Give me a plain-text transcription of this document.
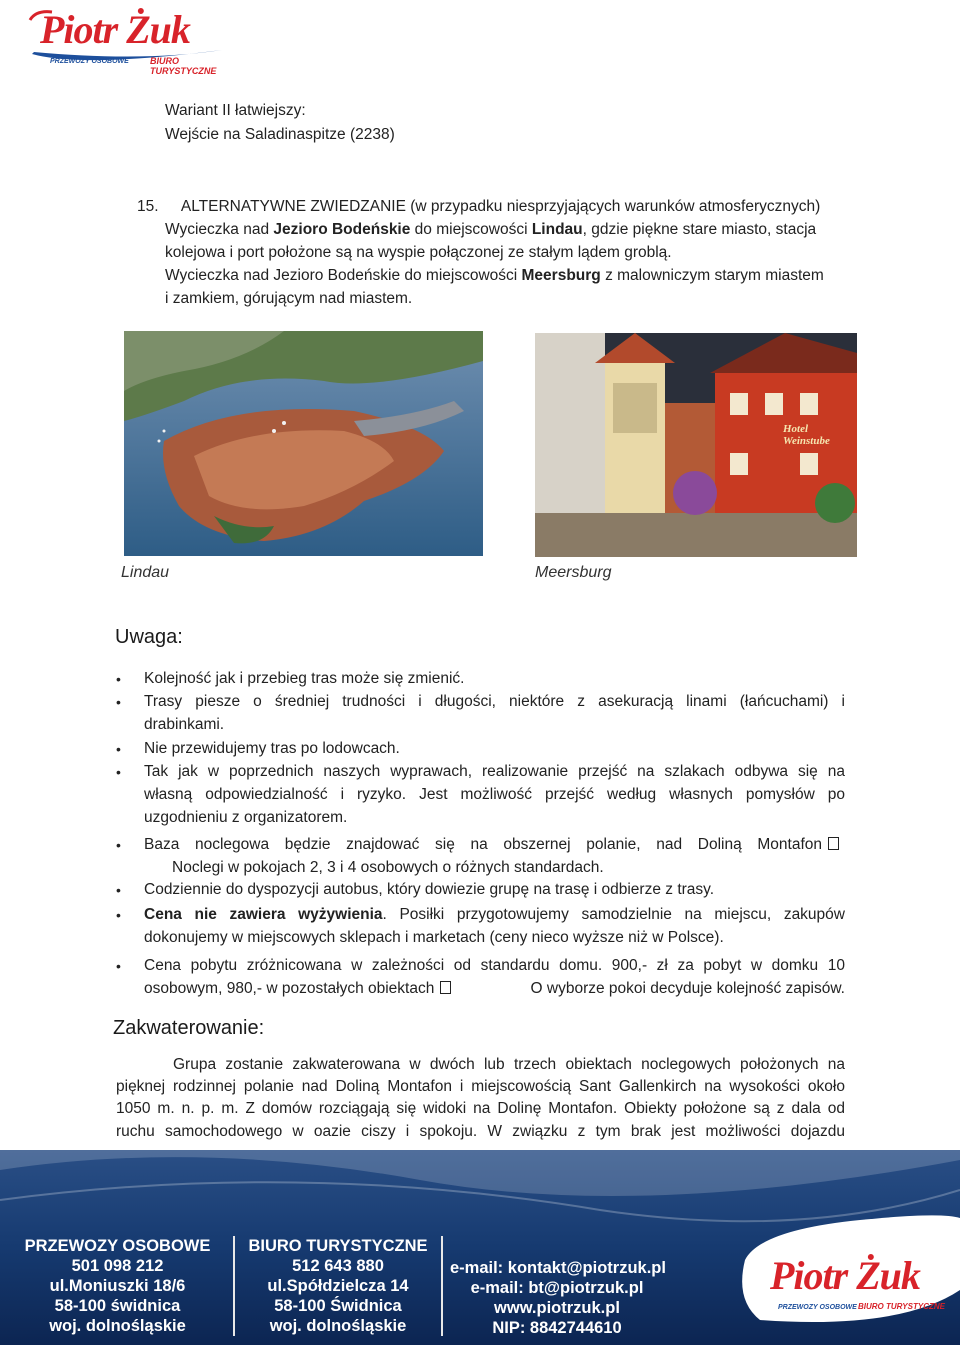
Piotr Żuk
PRZEWOZY OSOBOWE BIURO TURYSTYCZNE
Wariant II łatwiejszy:
Wejście na Saladinaspitze (2238)
15. ALTERNATYWNE ZWIEDZANIE (w przypadku niesprzyjających warunków atmosferycznych)
Wycieczka nad Jezioro Bodeńskie do miejscowości Lindau, gdzie piękne stare miasto, stacja
kolejowa i port położone są na wyspie połączonej ze stałym lądem groblą.
Wycieczka nad Jezioro Bodeńskie do miejscowości Meersburg z malowniczym starym miastem
i zamkiem, górującym nad miastem.
Hotel Weinstube
Lindau	Meersburg
Uwaga:
• Kolejność jak i przebieg tras może się zmienić.
• Trasy piesze o średniej trudności i długości, niektóre z asekuracją linami (łańcuchami) i
drabinkami.
• Nie przewidujemy tras po lodowcach.
• Tak jak w poprzednich naszych wyprawach, realizowanie przejść na szlakach odbywa się na
własną odpowiedzialność i ryzyko. Jest możliwość przejść według własnych pomysłów po
uzgodnieniu z organizatorem.
• Baza noclegowa będzie znajdować się na obszernej polanie, nad Doliną Montafon
Noclegi w pokojach 2, 3 i 4 osobowych o różnych standardach.
• Codziennie do dyspozycji autobus, który dowiezie grupę na trasę i odbierze z trasy.
• Cena nie zawiera wyżywienia. Posiłki przygotowujemy samodzielnie na miejscu, zakupów
dokonujemy w miejscowych sklepach i marketach (ceny nieco wyższe niż w Polsce).
• Cena pobytu zróżnicowana w zależności od standardu domu. 900,- zł za pobyt w domku 10
osobowym, 980,- w pozostałych obiektach	O wyborze pokoi decyduje kolejność zapisów.
Zakwaterowanie:
Grupa zostanie zakwaterowana w dwóch lub trzech obiektach noclegowych położonych na
pięknej rodzinnej polanie nad Doliną Montafon i miejscowością Sant Gallenkirch na wysokości około
1050 m. n. p. m. Z domów rozciągają się widoki na Dolinę Montafon. Obiekty położone są z dala od
ruchu samochodowego w oazie ciszy i spokoju. W związku z tym brak jest możliwości dojazdu
PRZEWOZY OSOBOWE
501 098 212
ul.Moniuszki 18/6
58-100 świdnica
woj. dolnośląskie
BIURO TURYSTYCZNE
512 643 880
ul.Spółdzielcza 14
58-100 Świdnica
woj. dolnośląskie
e-mail: kontakt@piotrzuk.pl
e-mail: bt@piotrzuk.pl
www.piotrzuk.pl
NIP: 8842744610
Piotr Żuk
PRZEWOZY OSOBOWE BIURO TURYSTYCZNE
